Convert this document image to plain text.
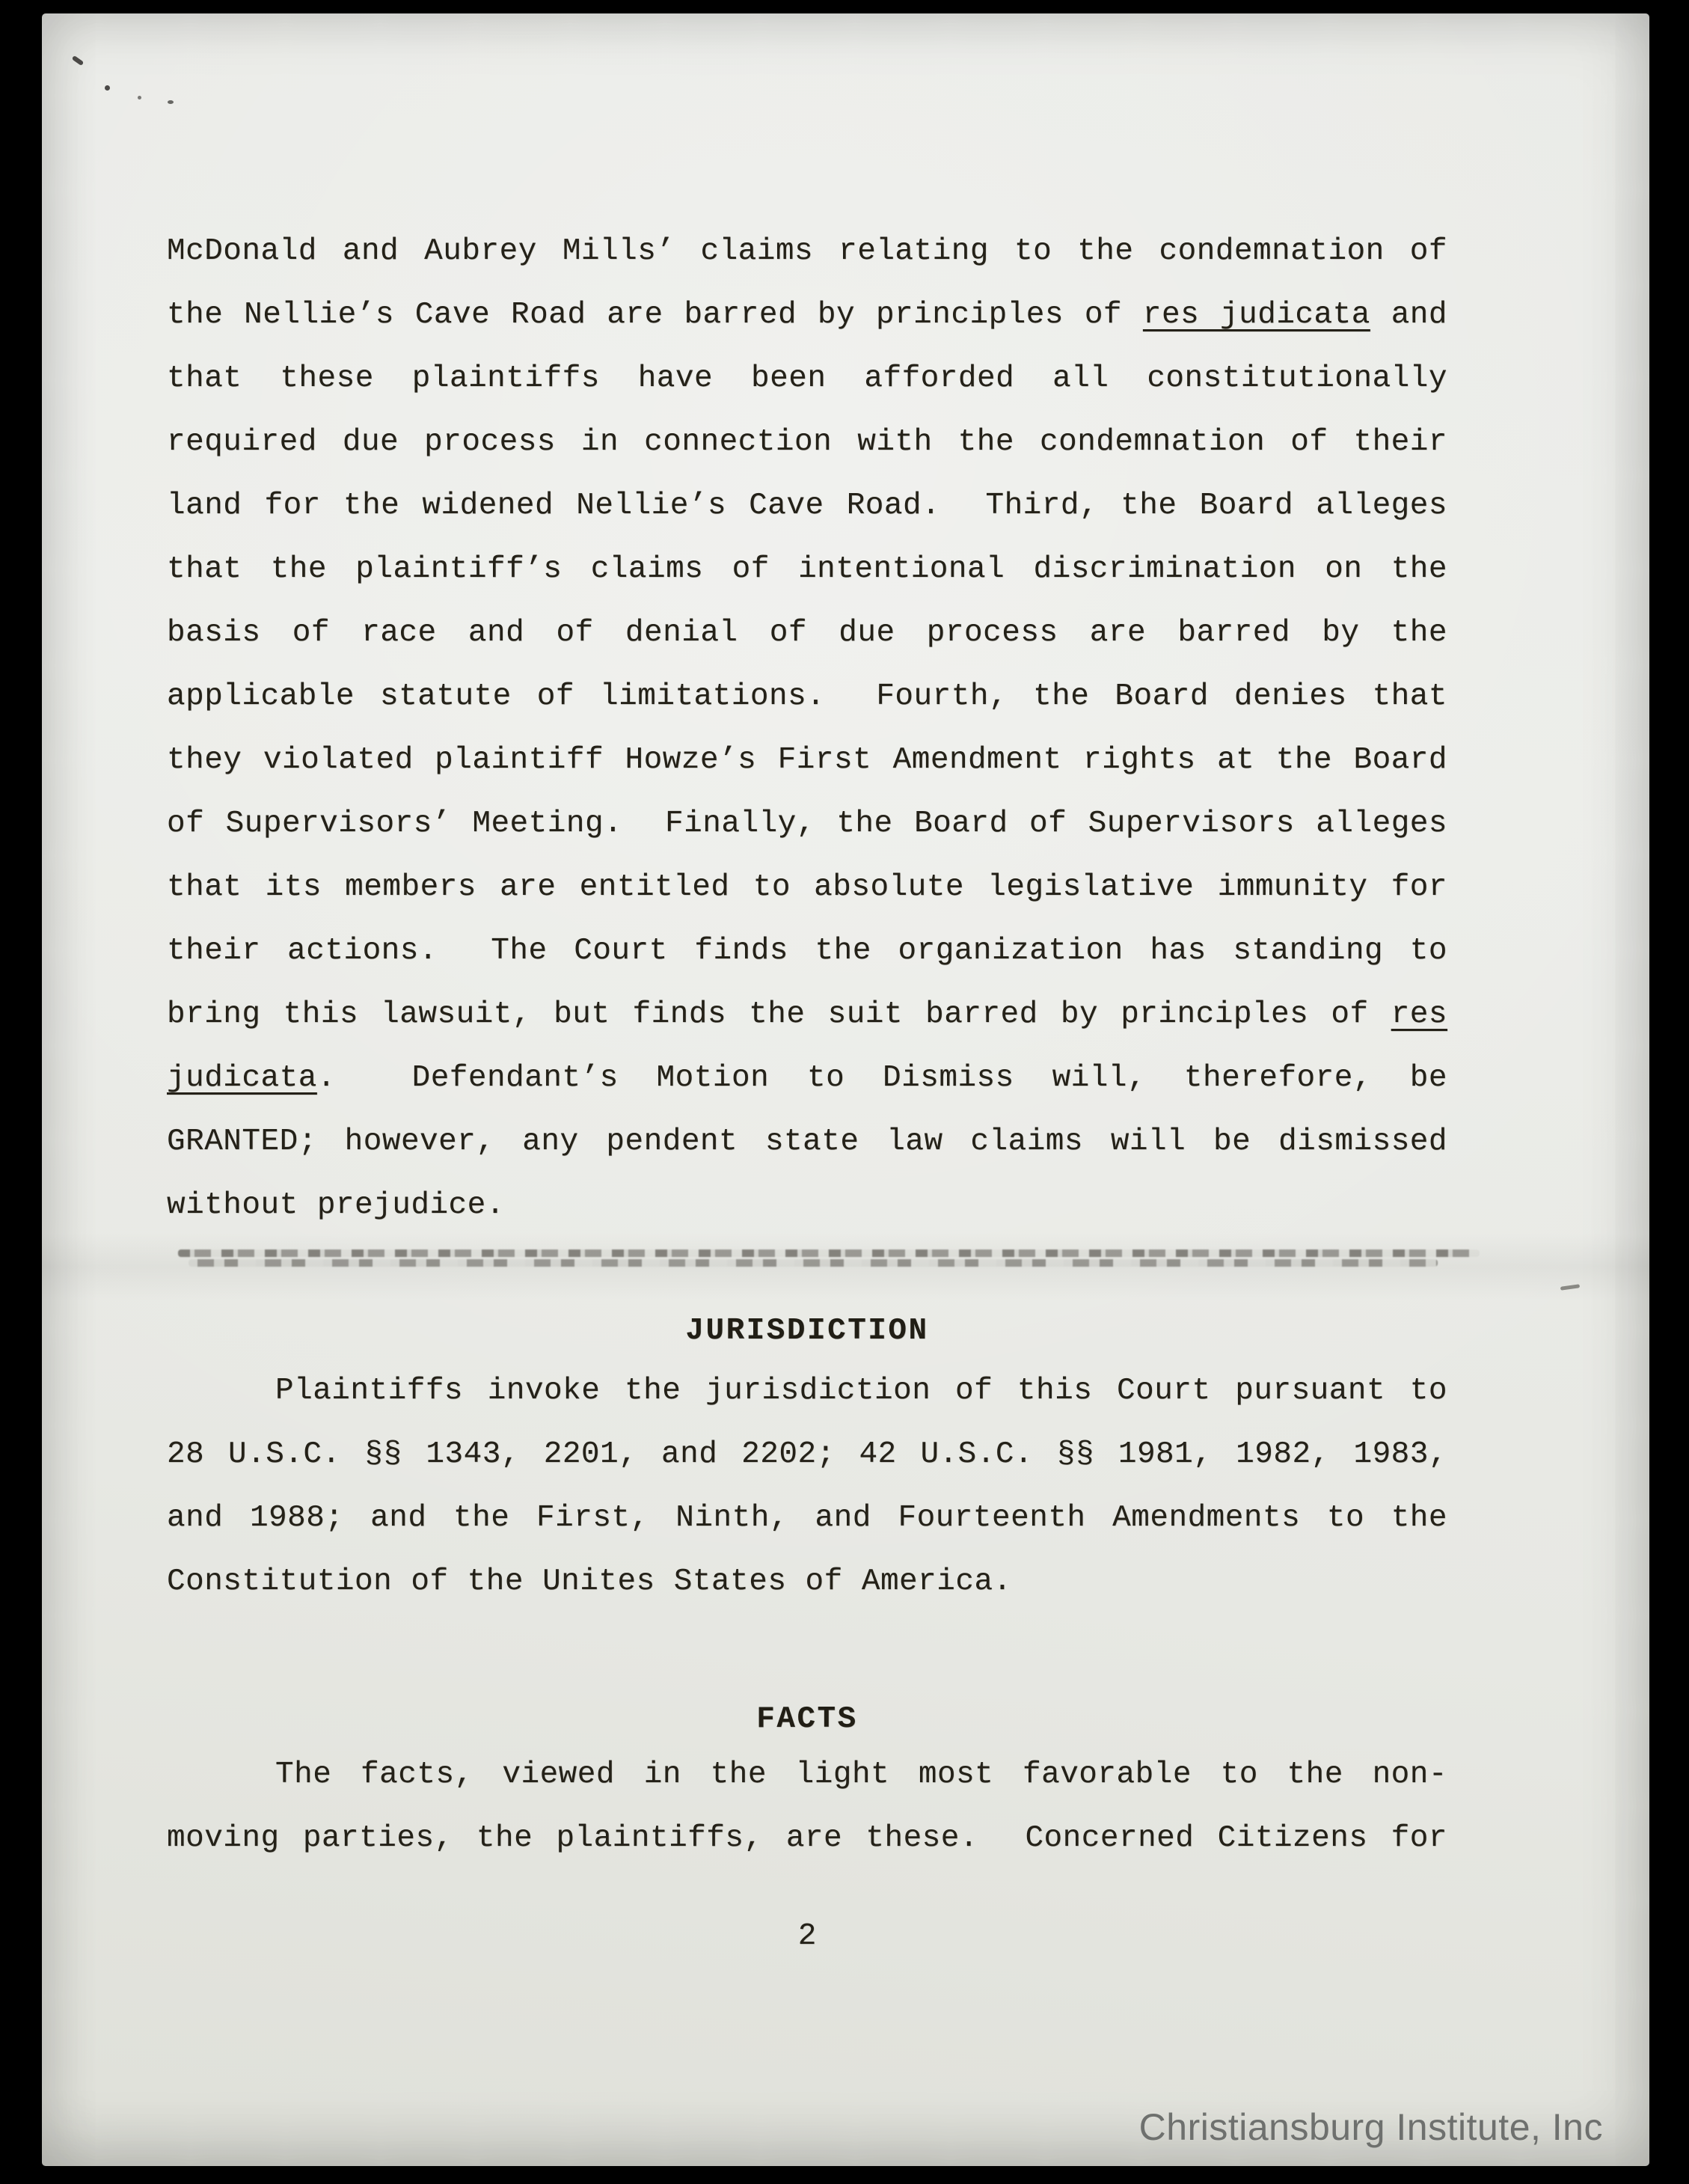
McDonald and Aubrey Mills’ claims relating to the condemnation of
the Nellie’s Cave Road are barred by principles of res judicata and
that these plaintiffs have been afforded all constitutionally
required due process in connection with the condemnation of their
land for the widened Nellie’s Cave Road.  Third, the Board alleges
that the plaintiff’s claims of intentional discrimination on the
basis of race and of denial of due process are barred by the
applicable statute of limitations.  Fourth, the Board denies that
they violated plaintiff Howze’s First Amendment rights at the Board
of Supervisors’ Meeting.  Finally, the Board of Supervisors alleges
that its members are entitled to absolute legislative immunity for
their actions.  The Court finds the organization has standing to
bring this lawsuit, but finds the suit barred by principles of res
judicata.  Defendant’s Motion to Dismiss will, therefore, be
GRANTED; however, any pendent state law claims will be dismissed
without prejudice.
JURISDICTION
Plaintiffs invoke the jurisdiction of this Court pursuant to
28 U.S.C. §§ 1343, 2201, and 2202; 42 U.S.C. §§ 1981, 1982, 1983,
and 1988; and the First, Ninth, and Fourteenth Amendments to the
Constitution of the Unites States of America.
FACTS
The facts, viewed in the light most favorable to the non-
moving parties, the plaintiffs, are these.  Concerned Citizens for
2
Christiansburg Institute, Inc
